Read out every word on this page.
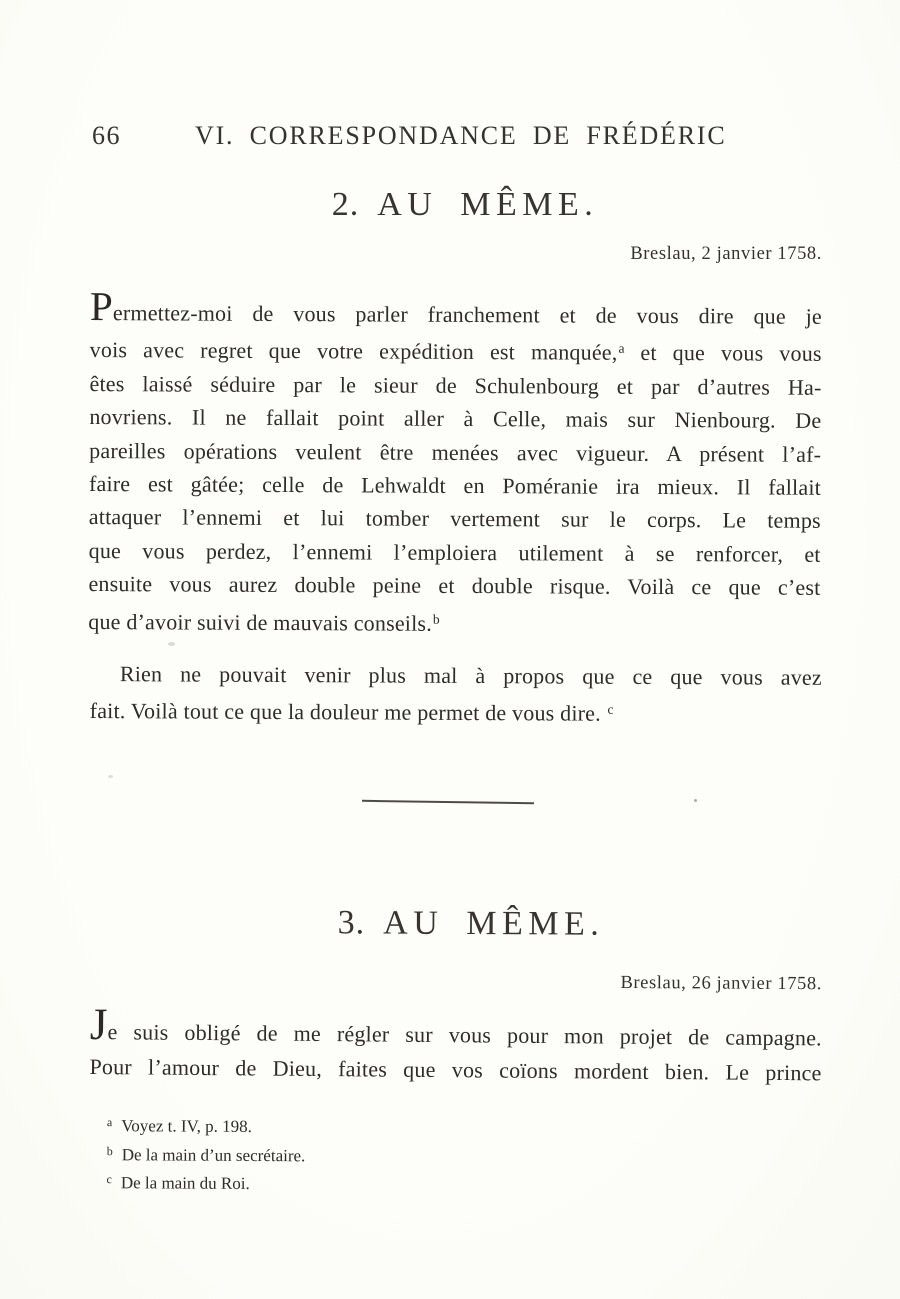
66	VI. CORRESPONDANCE DE FRÉDÉRIC
2. AU MÊME.
Breslau, 2 janvier 1758.
Permettez-moi de vous parler franchement et de vous dire que je
vois avec regret que votre expédition est manquée,$^a$ et que vous vous
êtes laissé séduire par le sieur de Schulenbourg et par d’autres Ha-
novriens. Il ne fallait point aller à Celle, mais sur Nienbourg. De
pareilles opérations veulent être menées avec vigueur. A présent l’af-
faire est gâtée; celle de Lehwaldt en Poméranie ira mieux. Il fallait
attaquer l’ennemi et lui tomber vertement sur le corps. Le temps
que vous perdez, l’ennemi l’emploiera utilement à se renforcer, et
ensuite vous aurez double peine et double risque. Voilà ce que c’est
que d’avoir suivi de mauvais conseils.$^b$
Rien ne pouvait venir plus mal à propos que ce que vous avez
fait. Voilà tout ce que la douleur me permet de vous dire. $^c$
3. AU MÊME.
Breslau, 26 janvier 1758.
Je suis obligé de me régler sur vous pour mon projet de campagne.
Pour l’amour de Dieu, faites que vos coïons mordent bien. Le prince
$^a$ Voyez t. IV, p. 198.
$^b$ De la main d’un secrétaire.
$^c$ De la main du Roi.
